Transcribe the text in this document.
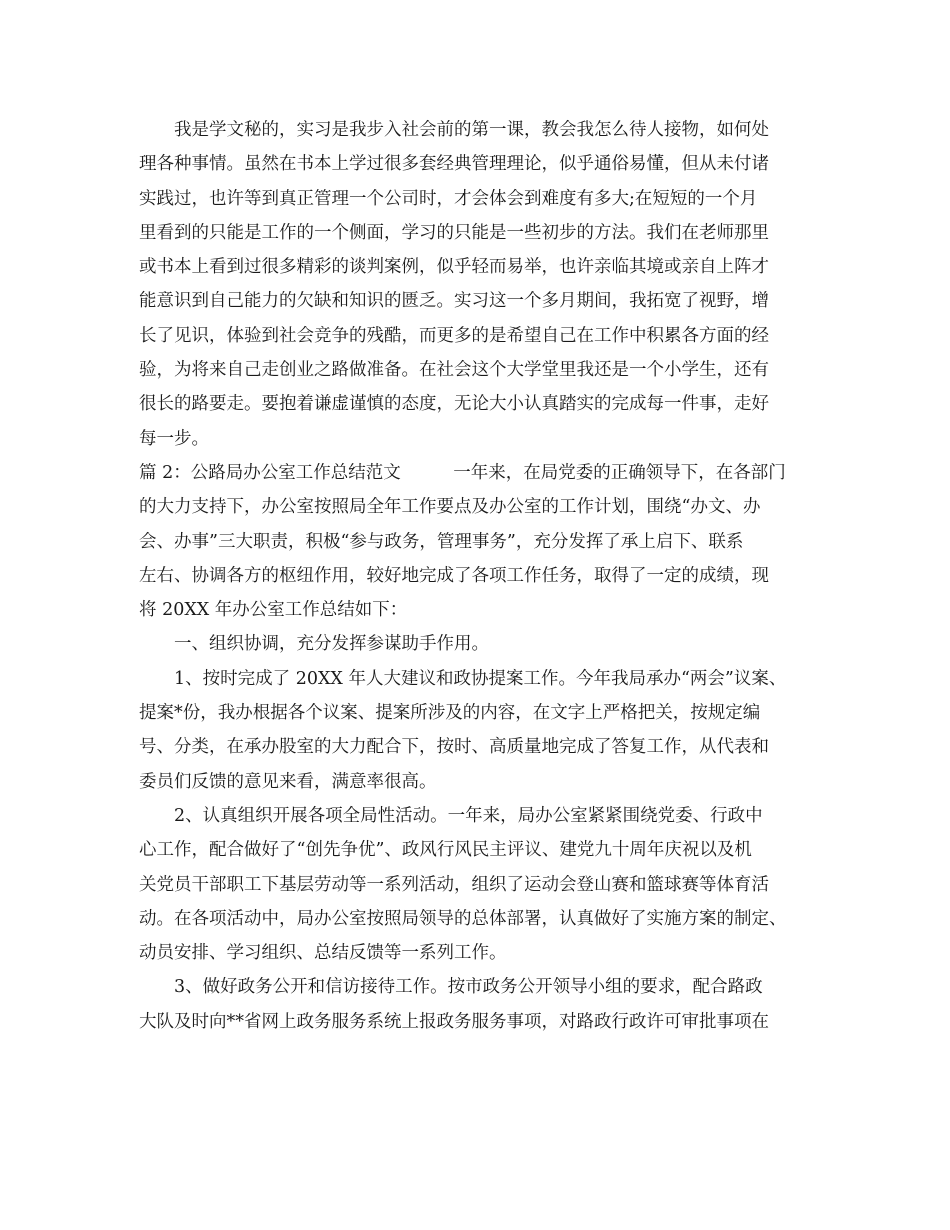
　　我是学文秘的，实习是我步入社会前的第一课，教会我怎么待人接物，如何处
理各种事情。虽然在书本上学过很多套经典管理理论，似乎通俗易懂，但从未付诸
实践过，也许等到真正管理一个公司时，才会体会到难度有多大;在短短的一个月
里看到的只能是工作的一个侧面，学习的只能是一些初步的方法。我们在老师那里
或书本上看到过很多精彩的谈判案例，似乎轻而易举，也许亲临其境或亲自上阵才
能意识到自己能力的欠缺和知识的匮乏。实习这一个多月期间，我拓宽了视野，增
长了见识，体验到社会竞争的残酷，而更多的是希望自己在工作中积累各方面的经
验，为将来自己走创业之路做准备。在社会这个大学堂里我还是一个小学生，还有
很长的路要走。要抱着谦虚谨慎的态度，无论大小认真踏实的完成每一件事，走好
每一步。
篇 2：公路局办公室工作总结范文　　　一年来，在局党委的正确领导下，在各部门
的大力支持下，办公室按照局全年工作要点及办公室的工作计划，围绕“办文、办
会、办事”三大职责，积极“参与政务，管理事务”，充分发挥了承上启下、联系
左右、协调各方的枢纽作用，较好地完成了各项工作任务，取得了一定的成绩，现
将 20XX 年办公室工作总结如下：
　　一、组织协调，充分发挥参谋助手作用。
　　1、按时完成了 20XX 年人大建议和政协提案工作。今年我局承办“两会”议案、
提案*份，我办根据各个议案、提案所涉及的内容，在文字上严格把关，按规定编
号、分类，在承办股室的大力配合下，按时、高质量地完成了答复工作，从代表和
委员们反馈的意见来看，满意率很高。
　　2、认真组织开展各项全局性活动。一年来，局办公室紧紧围绕党委、行政中
心工作，配合做好了“创先争优”、政风行风民主评议、建党九十周年庆祝以及机
关党员干部职工下基层劳动等一系列活动，组织了运动会登山赛和篮球赛等体育活
动。在各项活动中，局办公室按照局领导的总体部署，认真做好了实施方案的制定、
动员安排、学习组织、总结反馈等一系列工作。
　　3、做好政务公开和信访接待工作。按市政务公开领导小组的要求，配合路政
大队及时向**省网上政务服务系统上报政务服务事项，对路政行政许可审批事项在
